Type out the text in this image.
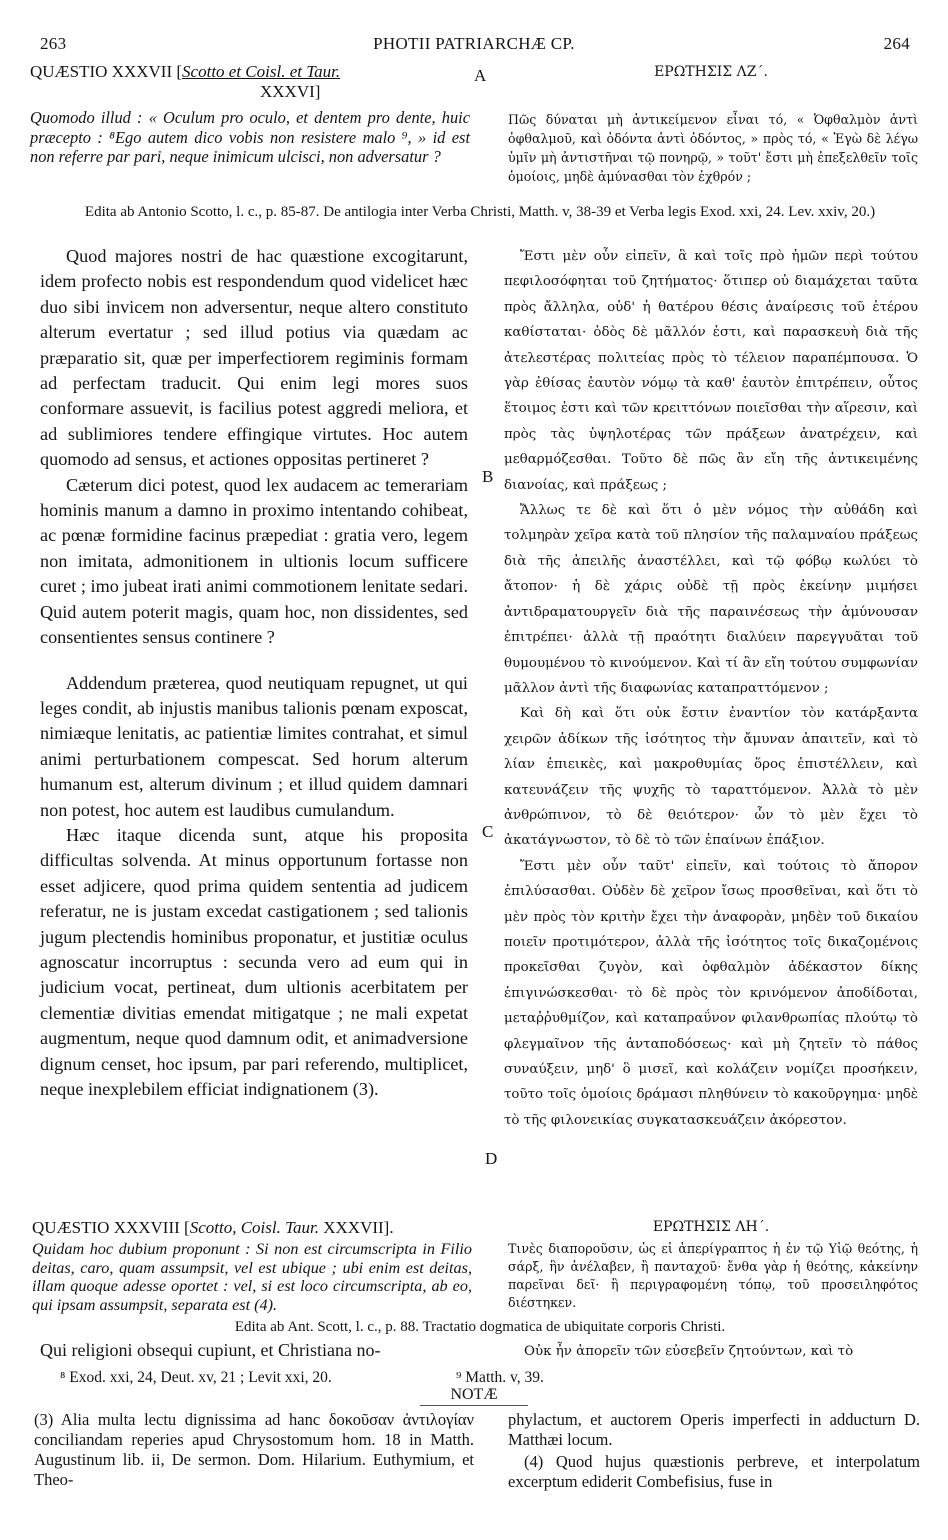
263	PHOTII PATRIARCHÆ CP.	264
QUÆSTIO XXXVII [Scotto et Coisl. et Taur.
XXXVI]
A	ΕΡΩΤΗΣΙΣ ΛΖ΄.
Quomodo illud : « Oculum pro oculo, et dentem pro dente, huic præcepto : ⁸Ego autem dico vobis non resistere malo ⁹, » id est non referre par pari, neque inimicum ulcisci, non adversatur ?
Πῶς δύναται μὴ ἀντικείμενον εἶναι τό, « Ὀφθαλμὸν ἀντὶ ὀφθαλμοῦ, καὶ ὀδόντα ἀντὶ ὀδόντος, » πρὸς τό, « Ἐγὼ δὲ λέγω ὑμῖν μὴ ἀντιστῆναι τῷ πονηρῷ, » τοῦτ' ἔστι μὴ ἐπεξελθεῖν τοῖς ὁμοίοις, μηδὲ ἀμύνασθαι τὸν ἐχθρόν ;
Edita ab Antonio Scotto, l. c., p. 85-87. De antilogia inter Verba Christi, Matth. v, 38-39 et Verba legis Exod. xxi, 24. Lev. xxiv, 20.)

Quod majores nostri de hac quæstione excogitarunt, idem profecto nobis est respondendum quod videlicet hæc duo sibi invicem non adversentur, neque altero constituto alterum evertatur ; sed illud potius via quædam ac præparatio sit, quæ per imperfectiorem regiminis formam ad perfectam traducit. Qui enim legi mores suos conformare assuevit, is facilius potest aggredi meliora, et ad sublimiores tendere effingique virtutes. Hoc autem quomodo ad sensus, et actiones oppositas pertineret ?

Cæterum dici potest, quod lex audacem ac temerariam hominis manum a damno in proximo intentando cohibeat, ac pœnæ formidine facinus præpediat : gratia vero, legem non imitata, admonitionem in ultionis locum sufficere curet ; imo jubeat irati animi commotionem lenitate sedari. Quid autem poterit magis, quam hoc, non dissidentes, sed consentientes sensus continere ?

Addendum præterea, quod neutiquam repugnet, ut qui leges condit, ab injustis manibus talionis pœnam exposcat, nimiæque lenitatis, ac patientiæ limites contrahat, et simul animi perturbationem compescat. Sed horum alterum humanum est, alterum divinum ; et illud quidem damnari non potest, hoc autem est laudibus cumulandum.

Hæc itaque dicenda sunt, atque his proposita difficultas solvenda. At minus opportunum fortasse non esset adjicere, quod prima quidem sententia ad judicem referatur, ne is justam excedat castigationem ; sed talionis jugum plectendis hominibus proponatur, et justitiæ oculus agnoscatur incorruptus : secunda vero ad eum qui in judicium vocat, pertineat, dum ultionis acerbitatem per clementiæ divitias emendat mitigatque ; ne mali expetat augmentum, neque quod damnum odit, et animadversione dignum censet, hoc ipsum, par pari referendo, multiplicet, neque inexplebilem efficiat indignationem (3).

B
C
D

Ἔστι μὲν οὖν εἰπεῖν, ἃ καὶ τοῖς πρὸ ἡμῶν περὶ τούτου πεφιλοσόφηται τοῦ ζητήματος· ὅτιπερ οὐ διαμάχεται ταῦτα πρὸς ἄλληλα, οὐδ' ἡ θατέρου θέσις ἀναίρεσις τοῦ ἑτέρου καθίσταται· ὁδὸς δὲ μᾶλλόν ἐστι, καὶ παρασκευὴ διὰ τῆς ἀτελεστέρας πολιτείας πρὸς τὸ τέλειον παραπέμπουσα. Ὁ γὰρ ἐθίσας ἑαυτὸν νόμῳ τὰ καθ' ἑαυτὸν ἐπιτρέπειν, οὗτος ἕτοιμος ἐστι καὶ τῶν κρειττόνων ποιεῖσθαι τὴν αἵρεσιν, καὶ πρὸς τὰς ὑψηλοτέρας τῶν πράξεων ἀνατρέχειν, καὶ μεθαρμόζεσθαι. Τοῦτο δὲ πῶς ἂν εἴη τῆς ἀντικειμένης διανοίας, καὶ πράξεως ;

Ἄλλως τε δὲ καὶ ὅτι ὁ μὲν νόμος τὴν αὐθάδη καὶ τολμηρὰν χεῖρα κατὰ τοῦ πλησίον τῆς παλαμναίου πράξεως διὰ τῆς ἀπειλῆς ἀναστέλλει, καὶ τῷ φόβῳ κωλύει τὸ ἄτοπον· ἡ δὲ χάρις οὐδὲ τῇ πρὸς ἐκείνην μιμήσει ἀντιδραματουργεῖν διὰ τῆς παραινέσεως τὴν ἀμύνουσαν ἐπιτρέπει· ἀλλὰ τῇ πραότητι διαλύειν παρεγγυᾶται τοῦ θυμουμένου τὸ κινούμενον. Καὶ τί ἂν εἴη τούτου συμφωνίαν μᾶλλον ἀντὶ τῆς διαφωνίας καταπραττόμενον ;

Καὶ δὴ καὶ ὅτι οὐκ ἔστιν ἐναντίον τὸν κατάρξαντα χειρῶν ἀδίκων τῆς ἰσότητος τὴν ἄμυναν ἀπαιτεῖν, καὶ τὸ λίαν ἐπιεικὲς, καὶ μακροθυμίας ὅρος ἐπιστέλλειν, καὶ κατευνάζειν τῆς ψυχῆς τὸ ταραττόμενον. Ἀλλὰ τὸ μὲν ἀνθρώπινον, τὸ δὲ θειότερον· ὧν τὸ μὲν ἔχει τὸ ἀκατάγνωστον, τὸ δὲ τὸ τῶν ἐπαίνων ἐπάξιον.

Ἔστι μὲν οὖν ταῦτ' εἰπεῖν, καὶ τούτοις τὸ ἄπορον ἐπιλύσασθαι. Οὐδὲν δὲ χεῖρον ἴσως προσθεῖναι, καὶ ὅτι τὸ μὲν πρὸς τὸν κριτὴν ἔχει τὴν ἀναφορὰν, μηδὲν τοῦ δικαίου ποιεῖν προτιμότερον, ἀλλὰ τῆς ἰσότητος τοῖς δικαζομένοις προκεῖσθαι ζυγὸν, καὶ ὀφθαλμὸν ἀδέκαστον δίκης ἐπιγινώσκεσθαι· τὸ δὲ πρὸς τὸν κρινόμενον ἀποδίδοται, μεταῤῥυθμίζον, καὶ καταπραΰνον φιλανθρωπίας πλούτῳ τὸ φλεγμαῖνον τῆς ἀνταποδόσεως· καὶ μὴ ζητεῖν τὸ πάθος συναύξειν, μηδ' ὃ μισεῖ, καὶ κολάζειν νομίζει προσήκειν, τοῦτο τοῖς ὁμοίοις δράμασι πληθύνειν τὸ κακοῦργημα· μηδὲ τὸ τῆς φιλονεικίας συγκατασκευάζειν ἀκόρεστον.

QUÆSTIO XXXVIII [Scotto, Coisl. Taur. XXXVII].	ΕΡΩΤΗΣΙΣ ΛΗ΄.
Quidam hoc dubium proponunt : Si non est circumscripta in Filio deitas, caro, quam assumpsit, vel est ubique ; ubi enim est deitas, illam quoque adesse oportet : vel, si est loco circumscripta, ab eo, qui ipsam assumpsit, separata est (4).
Τινὲς διαποροῦσιν, ὡς εἰ ἀπερίγραπτος ἡ ἐν τῷ Υἱῷ θεότης, ἡ σάρξ, ἣν ἀνέλαβεν, ἢ πανταχοῦ· ἔνθα γὰρ ἡ θεότης, κἀκείνην παρεῖναι δεῖ· ἢ περιγραφομένη τόπῳ, τοῦ προσειληφότος διέστηκεν.
Edita ab Ant. Scott, l. c., p. 88. Tractatio dogmatica de ubiquitate corporis Christi.
Qui religioni obsequi cupiunt, et Christiana no-	Οὐκ ἦν ἀπορεῖν τῶν εὐσεβεῖν ζητούντων, καὶ τὸ
⁸ Exod. xxi, 24, Deut. xv, 21 ; Levit xxi, 20.	⁹ Matth. v, 39.
NOTÆ
(3) Alia multa lectu dignissima ad hanc δοκοῦσαν ἀντιλογίαν conciliandam reperies apud Chrysostomum hom. 18 in Matth. Augustinum lib. ii, De sermon. Dom. Hilarium. Euthymium, et Theo-
phylactum, et auctorem Operis imperfecti in adducturn D. Matthæi locum.
(4) Quod hujus quæstionis perbreve, et interpolatum excerptum ediderit Combefisius, fuse in
